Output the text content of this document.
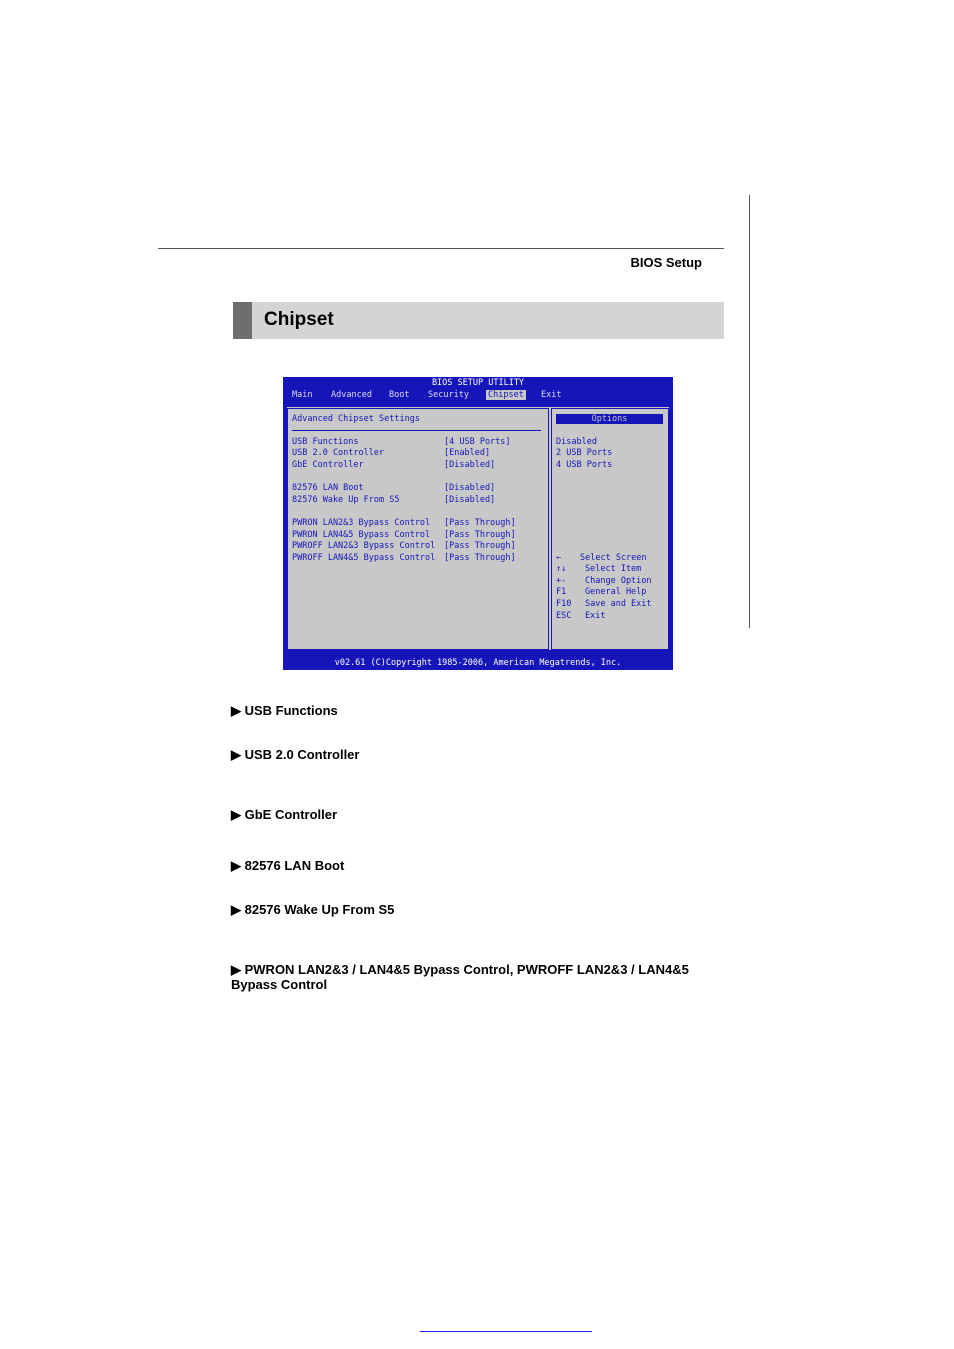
BIOS Setup
Chipset
BIOS SETUP UTILITY
Main Advanced Boot Security Chipset Exit
Advanced Chipset Settings
USB Functions	[4 USB Ports]
USB 2.0 Controller	[Enabled]
GbE Controller	[Disabled]
82576 LAN Boot	[Disabled]
82576 Wake Up From S5	[Disabled]
PWRON LAN2&3 Bypass Control [Pass Through]
PWRON LAN4&5 Bypass Control [Pass Through]
PWROFF LAN2&3 Bypass Control [Pass Through]
PWROFF LAN4&5 Bypass Control [Pass Through]
Options
Disabled
2 USB Ports
4 USB Ports
← Select Screen
↑↓ Select Item
+- Change Option
F1 General Help
F10 Save and Exit
ESC Exit
v02.61 (C)Copyright 1985-2006, American Megatrends, Inc.
▶ USB Functions
▶ USB 2.0 Controller
▶ GbE Controller
▶ 82576 LAN Boot
▶ 82576 Wake Up From S5
▶ PWRON LAN2&3 / LAN4&5 Bypass Control, PWROFF LAN2&3 / LAN4&5
Bypass Control
